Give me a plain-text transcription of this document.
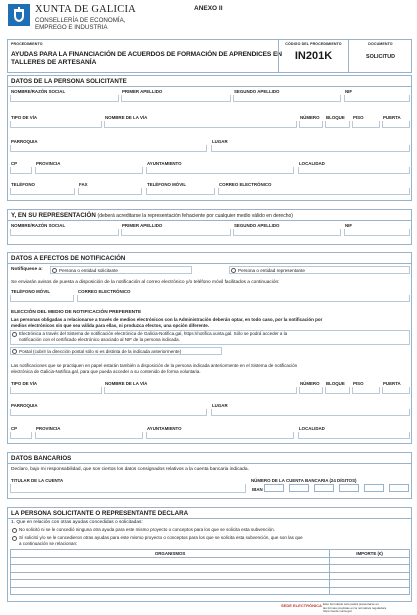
XUNTA DE GALICIA
CONSELLERÍA DE ECONOMÍA,
EMPREGO E INDUSTRIA
ANEXO II
PROCEDIMIENTO
AYUDAS PARA LA FINANCIACIÓN DE ACUERDOS DE FORMACIÓN DE APRENDICES EN
TALLERES DE ARTESANÍA
CÓDIGO DEL PROCEDIMIENTO
IN201K
DOCUMENTO
SOLICITUD
DATOS DE LA PERSONA SOLICITANTE
NOMBRE/RAZÓN SOCIAL	PRIMER APELLIDO	SEGUNDO APELLIDO	NIF
TIPO DE VÍA	NOMBRE DE LA VÍA	NÚMERO BLOQUE PISO	PUERTA
PARROQUIA	LUGAR
CP	PROVINCIA	AYUNTAMIENTO	LOCALIDAD
TELÉFONO	FAX	TELÉFONO MÓVIL	CORREO ELECTRÓNICO
Y, EN SU REPRESENTACIÓN (deberá acreditarse la representación fehaciente por cualquier medio válido en derecho)
NOMBRE/RAZÓN SOCIAL	PRIMER APELLIDO	SEGUNDO APELLIDO	NIF
DATOS A EFECTOS DE NOTIFICACIÓN
Notifíquese a:	Persona o entidad solicitante	Persona o entidad representante
Se enviarán avisos de puesta a disposición de la notificación al correo electrónico y/o teléfono móvil facilitados a continuación:
TELÉFONO MÓVIL	CORREO ELECTRÓNICO
ELECCIÓN DEL MEDIO DE NOTIFICACIÓN PREFERENTE
Las personas obligadas a relacionarse a través de medios electrónicos con la Administración deberán optar, en todo caso, por la notificación por
medios electrónicos sin que sea válida para ellas, ni produzca efectos, una opción diferente.
Electrónica a través del Sistema de notificación electrónica de Galicia-Notifica.gal, https://notifica.xunta.gal. Sólo se podrá acceder a la
notificación con el certificado electrónico asociado al NIF de la persona indicada.
Postal (cubrir la dirección postal sólo si es distinta de la indicada anteriormente)
Las notificaciones que se practiquen en papel estarán también a disposición de la persona indicada anteriormente en el Sistema de notificación
electrónica de Galicia-Notifica.gal, para que pueda acceder a su contenido de forma voluntaria.
TIPO DE VÍA	NOMBRE DE LA VÍA	NÚMERO BLOQUE PISO	PUERTA
PARROQUIA	LUGAR
CP	PROVINCIA	AYUNTAMIENTO	LOCALIDAD
DATOS BANCARIOS
Declaro, bajo mi responsabilidad, que son ciertos los datos consignados relativos a la cuenta bancaria indicada.
TITULAR DE LA CUENTA	NÚMERO DE LA CUENTA BANCARIA (24 DÍGITOS)
IBAN
LA PERSONA SOLICITANTE O REPRESENTANTE DECLARA
1. Que en relación con otras ayudas concedidas o solicitadas:
No solicitó ni se le concedió ninguna otra ayuda para este mismo proyecto o conceptos para los que se solicita esta subvención.
Sí solicitó y/o se le concedieron otras ayudas para este mismo proyecto o conceptos para los que se solicita esta subvención, que son las que
a continuación se relacionan:
ORGANISMOS	IMPORTE (€)

SEDE ELECTRÓNICA Este formulario sólo podrá presentarse en
las formas previstas en la normativa reguladora
https://sede.xunta.gal
